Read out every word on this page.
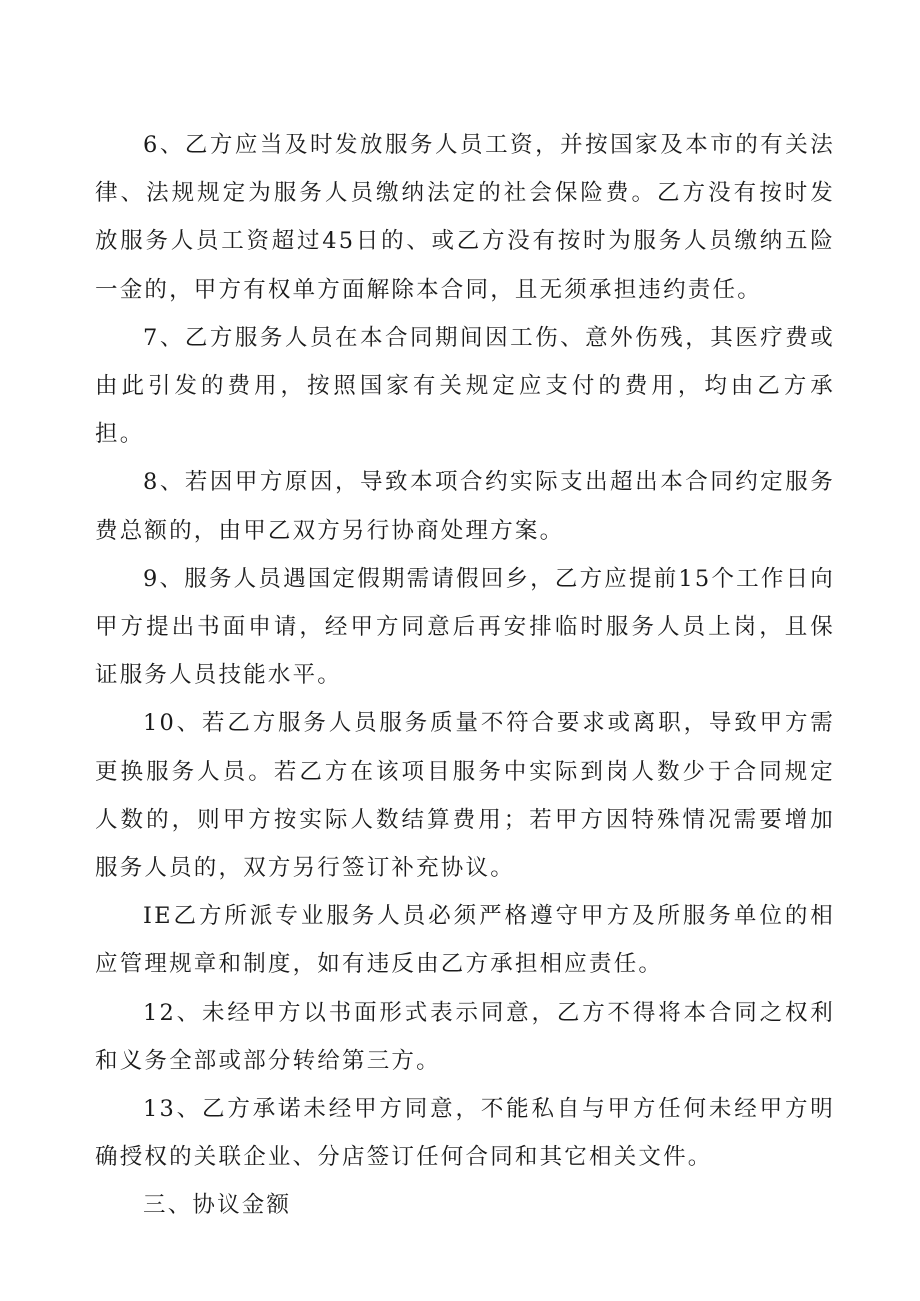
6、乙方应当及时发放服务人员工资，并按国家及本市的有关法律、法规规定为服务人员缴纳法定的社会保险费。乙方没有按时发放服务人员工资超过45日的、或乙方没有按时为服务人员缴纳五险一金的，甲方有权单方面解除本合同，且无须承担违约责任。

7、乙方服务人员在本合同期间因工伤、意外伤残，其医疗费或由此引发的费用，按照国家有关规定应支付的费用，均由乙方承担。

8、若因甲方原因，导致本项合约实际支出超出本合同约定服务费总额的，由甲乙双方另行协商处理方案。

9、服务人员遇国定假期需请假回乡，乙方应提前15个工作日向甲方提出书面申请，经甲方同意后再安排临时服务人员上岗，且保证服务人员技能水平。

10、若乙方服务人员服务质量不符合要求或离职，导致甲方需更换服务人员。若乙方在该项目服务中实际到岗人数少于合同规定人数的，则甲方按实际人数结算费用；若甲方因特殊情况需要增加服务人员的，双方另行签订补充协议。

IE乙方所派专业服务人员必须严格遵守甲方及所服务单位的相应管理规章和制度，如有违反由乙方承担相应责任。

12、未经甲方以书面形式表示同意，乙方不得将本合同之权利和义务全部或部分转给第三方。

13、乙方承诺未经甲方同意，不能私自与甲方任何未经甲方明确授权的关联企业、分店签订任何合同和其它相关文件。

三、协议金额
